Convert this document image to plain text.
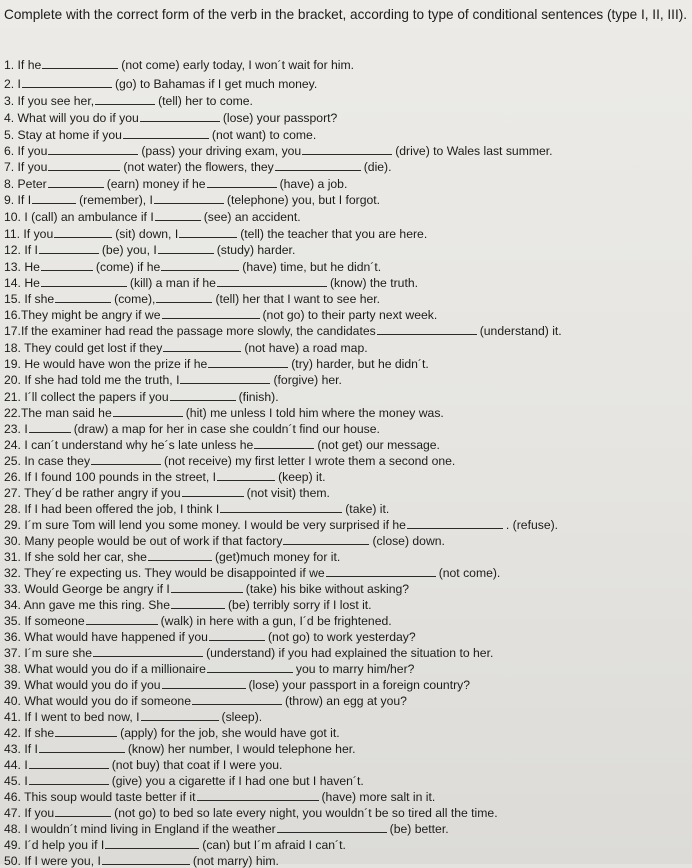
Complete with the correct form of the verb in the bracket, according to type of conditional sentences (type I, II, III).

1. If he	(not come) early today, I won´t wait for him.
2. I	(go) to Bahamas if I get much money.
3. If you see her,	(tell) her to come.
4. What will you do if you	(lose) your passport?
5. Stay at home if you	(not want) to come.
6. If you	(pass) your driving exam, you	(drive) to Wales last summer.
7. If you	(not water) the flowers, they	(die).
8. Peter	(earn) money if he	(have) a job.
9. If I	(remember), I	(telephone) you, but I forgot.
10. I (call) an ambulance if I	(see) an accident.
11. If you	(sit) down, I	(tell) the teacher that you are here.
12. If I	(be) you, I	(study) harder.
13. He	(come) if he	(have) time, but he didn´t.
14. He	(kill) a man if he	(know) the truth.
15. If she	(come),	(tell) her that I want to see her.
16.They might be angry if we	(not go) to their party next week.
17.If the examiner had read the passage more slowly, the candidates	(understand) it.
18. They could get lost if they	(not have) a road map.
19. He would have won the prize if he	(try) harder, but he didn´t.
20. If she had told me the truth, I	(forgive) her.
21. I´ll collect the papers if you	(finish).
22.The man said he	(hit) me unless I told him where the money was.
23. I	(draw) a map for her in case she couldn´t find our house.
24. I can´t understand why he´s late unless he	(not get) our message.
25. In case they	(not receive) my first letter I wrote them a second one.
26. If I found 100 pounds in the street, I	(keep) it.
27. They´d be rather angry if you	(not visit) them.
28. If I had been offered the job, I think I	(take) it.
29. I´m sure Tom will lend you some money. I would be very surprised if he	. (refuse).
30. Many people would be out of work if that factory	(close) down.
31. If she sold her car, she	(get)much money for it.
32. They´re expecting us. They would be disappointed if we	(not come).
33. Would George be angry if I	(take) his bike without asking?
34. Ann gave me this ring. She	(be) terribly sorry if I lost it.
35. If someone	(walk) in here with a gun, I´d be frightened.
36. What would have happened if you	(not go) to work yesterday?
37. I´m sure she	(understand) if you had explained the situation to her.
38. What would you do if a millionaire	you to marry him/her?
39. What would you do if you	(lose) your passport in a foreign country?
40. What would you do if someone	(throw) an egg at you?
41. If I went to bed now, I	(sleep).
42. If she	(apply) for the job, she would have got it.
43. If I	(know) her number, I would telephone her.
44. I	(not buy) that coat if I were you.
45. I	(give) you a cigarette if I had one but I haven´t.
46. This soup would taste better if it	(have) more salt in it.
47. If you	(not go) to bed so late every night, you wouldn´t be so tired all the time.
48. I wouldn´t mind living in England if the weather	(be) better.
49. I´d help you if I	(can) but I´m afraid I can´t.
50. If I were you, I	(not marry) him.
